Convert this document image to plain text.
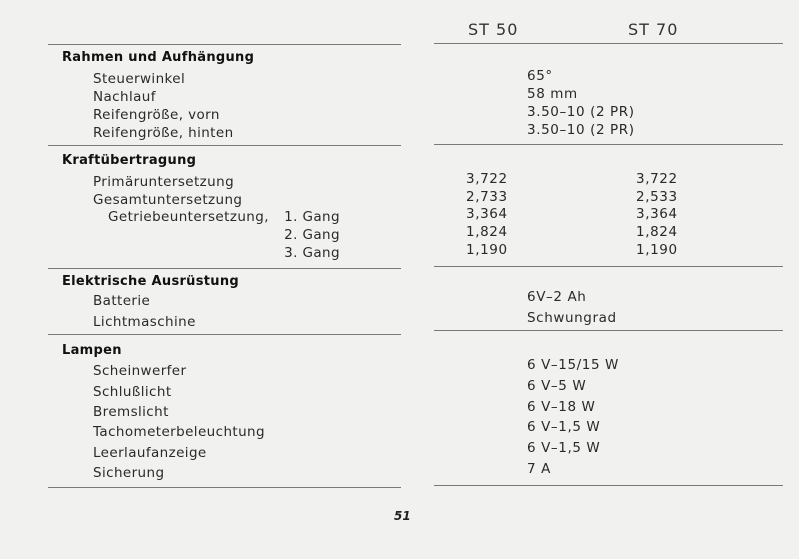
ST 50	ST 70
Rahmen und Aufhängung
Steuerwinkel
Nachlauf
Reifengröße, vorn
Reifengröße, hinten
65°
58 mm
3.50–10 (2 PR)
3.50–10 (2 PR)
Kraftübertragung
Primäruntersetzung
Gesamtuntersetzung
Getriebeuntersetzung,	1. Gang
2. Gang
3. Gang
3,722
2,733
3,364
1,824
1,190
3,722
2,533
3,364
1,824
1,190
Elektrische Ausrüstung
Batterie
Lichtmaschine
6V–2 Ah
Schwungrad
Lampen
Scheinwerfer
Schlußlicht
Bremslicht
Tachometerbeleuchtung
Leerlaufanzeige
Sicherung
6 V–15/15 W
6 V–5 W
6 V–18 W
6 V–1,5 W
6 V–1,5 W
7 A
51
